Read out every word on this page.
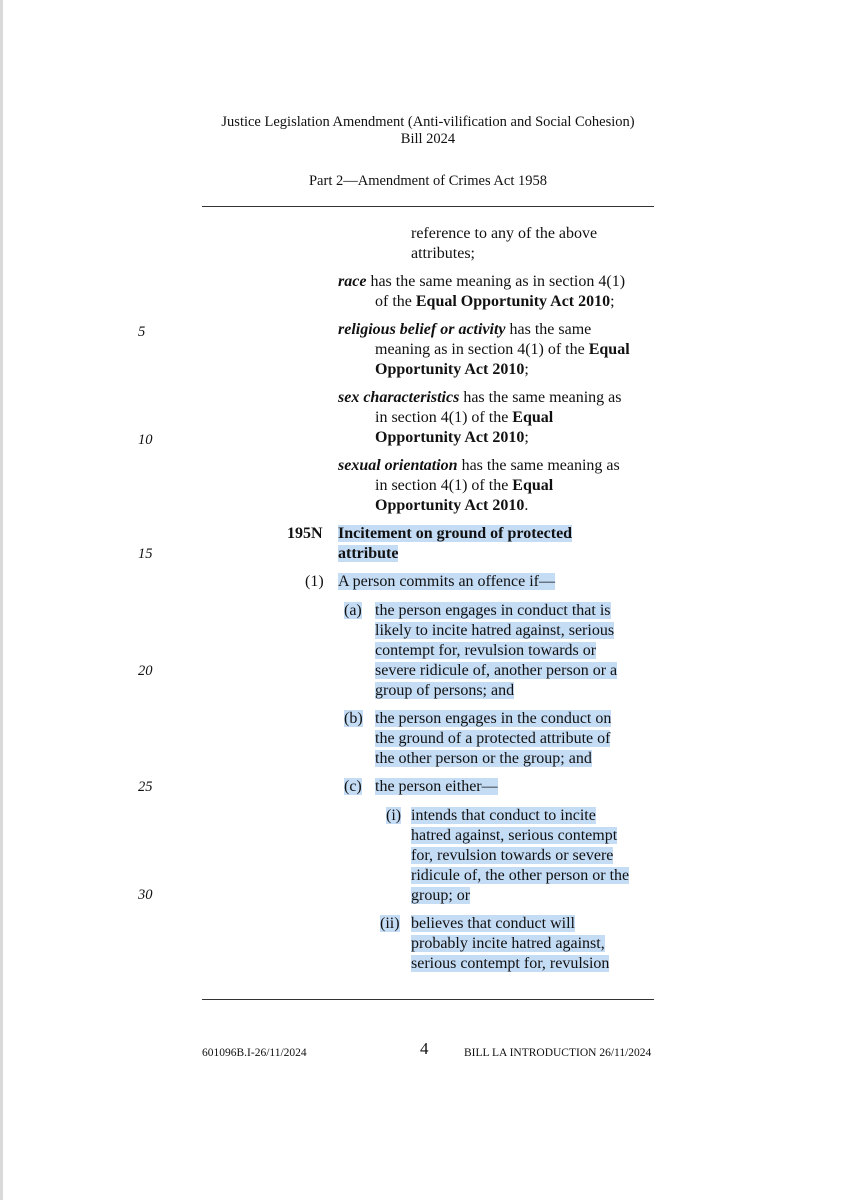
Justice Legislation Amendment (Anti-vilification and Social Cohesion)
Bill 2024
Part 2—Amendment of Crimes Act 1958
5
10
15
20
25
30
reference to any of the above
attributes;
race has the same meaning as in section 4(1)
of the Equal Opportunity Act 2010;
religious belief or activity has the same
meaning as in section 4(1) of the Equal
Opportunity Act 2010;
sex characteristics has the same meaning as
in section 4(1) of the Equal
Opportunity Act 2010;
sexual orientation has the same meaning as
in section 4(1) of the Equal
Opportunity Act 2010.
195N Incitement on ground of protected
attribute
(1) A person commits an offence if—
(a) the person engages in conduct that is
likely to incite hatred against, serious
contempt for, revulsion towards or
severe ridicule of, another person or a
group of persons; and
(b) the person engages in the conduct on
the ground of a protected attribute of
the other person or the group; and
(c) the person either—
(i) intends that conduct to incite
hatred against, serious contempt
for, revulsion towards or severe
ridicule of, the other person or the
group; or
(ii) believes that conduct will
probably incite hatred against,
serious contempt for, revulsion
601096B.I-26/11/2024	4	BILL LA INTRODUCTION 26/11/2024
